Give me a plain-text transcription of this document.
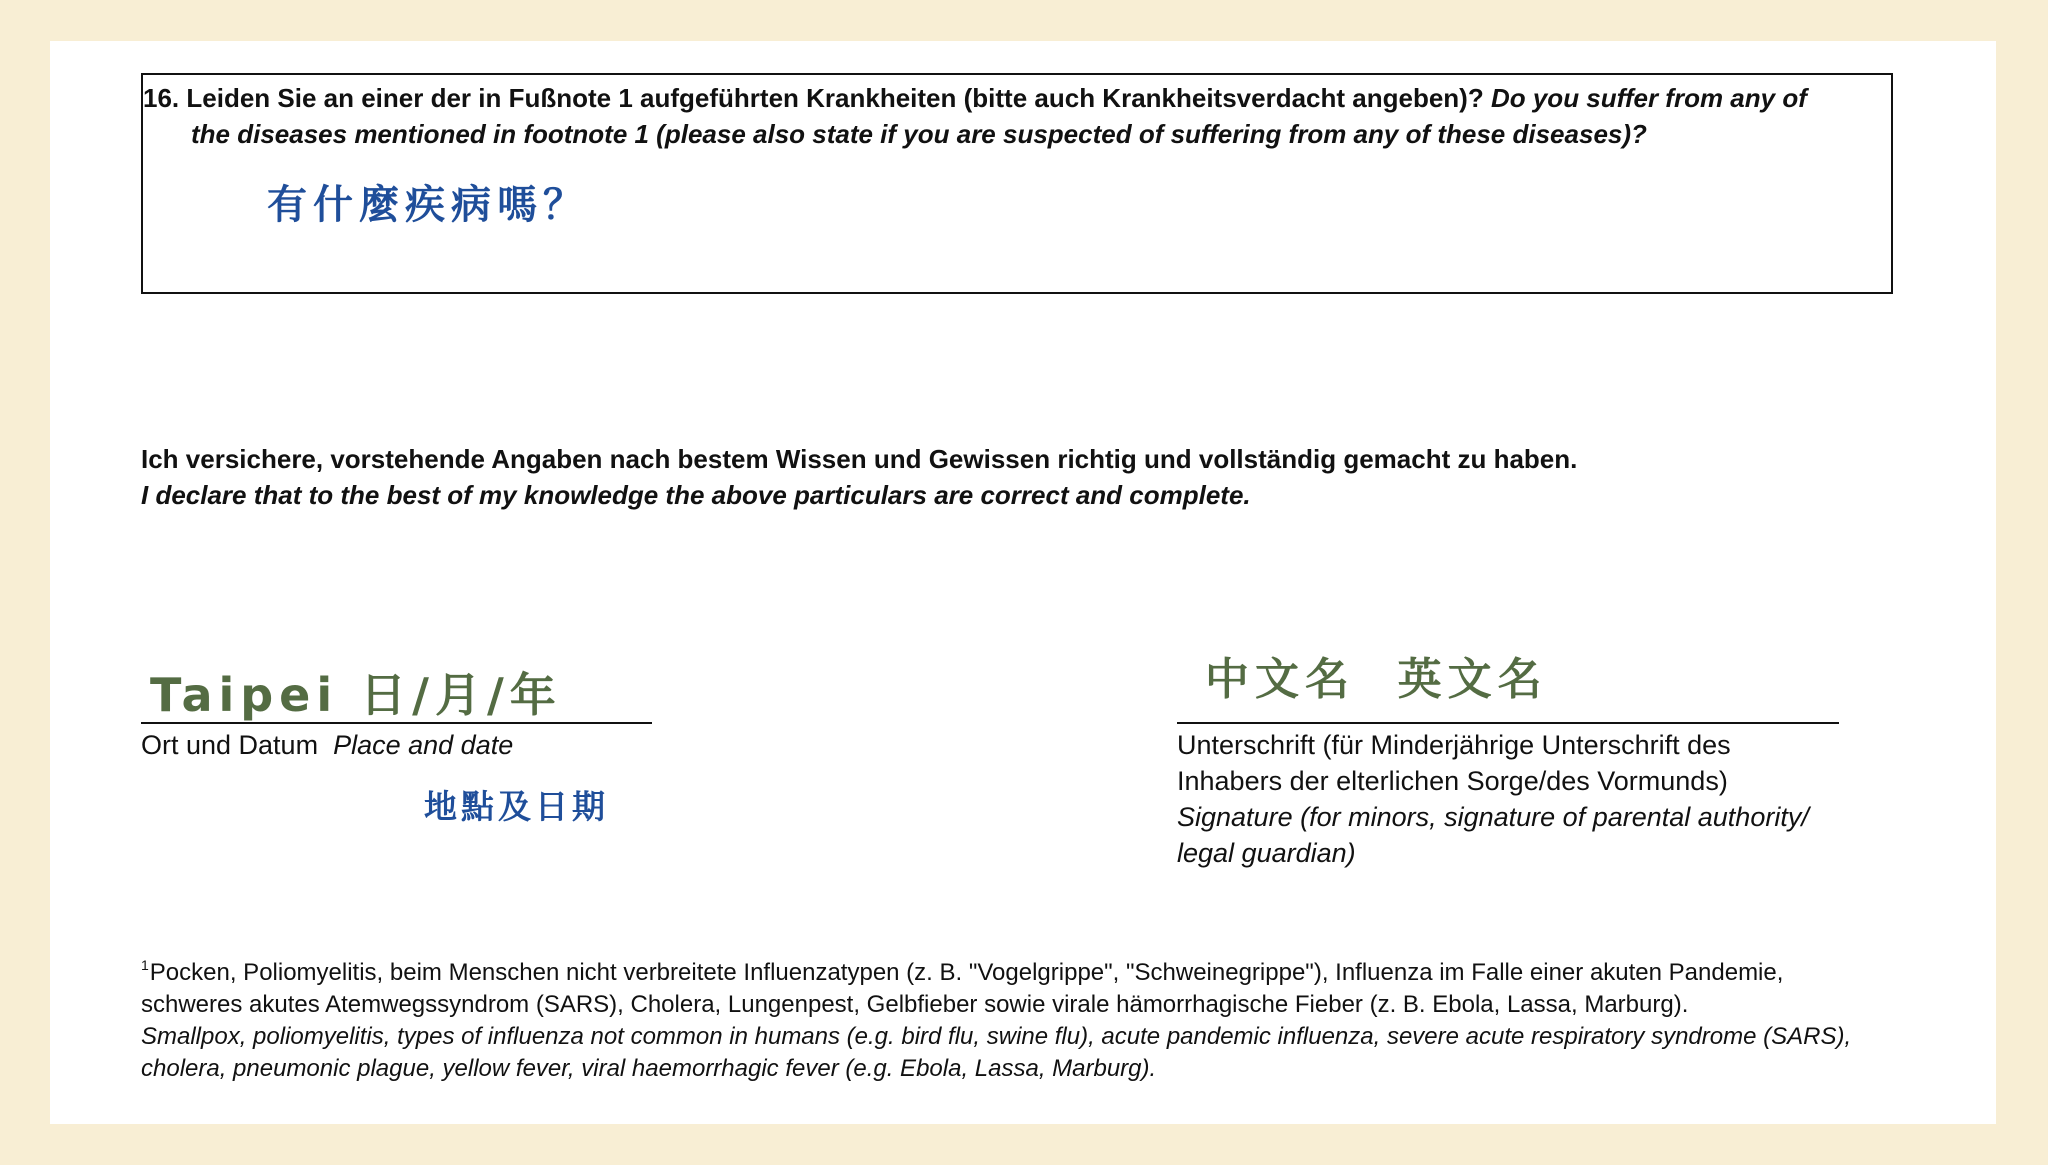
16. Leiden Sie an einer der in Fußnote 1 aufgeführten Krankheiten (bitte auch Krankheitsverdacht angeben)? Do you suffer from any of
the diseases mentioned in footnote 1 (please also state if you are suspected of suffering from any of these diseases)?
有什麼疾病嗎？
Ich versichere, vorstehende Angaben nach bestem Wissen und Gewissen richtig und vollständig gemacht zu haben.
I declare that to the best of my knowledge the above particulars are correct and complete.
Taipei 日/月/年
Ort und Datum Place and date
地點及日期
中文名  英文名
Unterschrift (für Minderjährige Unterschrift des
Inhabers der elterlichen Sorge/des Vormunds)
Signature (for minors, signature of parental authority/
legal guardian)
$^1$Pocken, Poliomyelitis, beim Menschen nicht verbreitete Influenzatypen (z. B. "Vogelgrippe", "Schweinegrippe"), Influenza im Falle einer akuten Pandemie,
schweres akutes Atemwegssyndrom (SARS), Cholera, Lungenpest, Gelbfieber sowie virale hämorrhagische Fieber (z. B. Ebola, Lassa, Marburg).
Smallpox, poliomyelitis, types of influenza not common in humans (e.g. bird flu, swine flu), acute pandemic influenza, severe acute respiratory syndrome (SARS),
cholera, pneumonic plague, yellow fever, viral haemorrhagic fever (e.g. Ebola, Lassa, Marburg).
